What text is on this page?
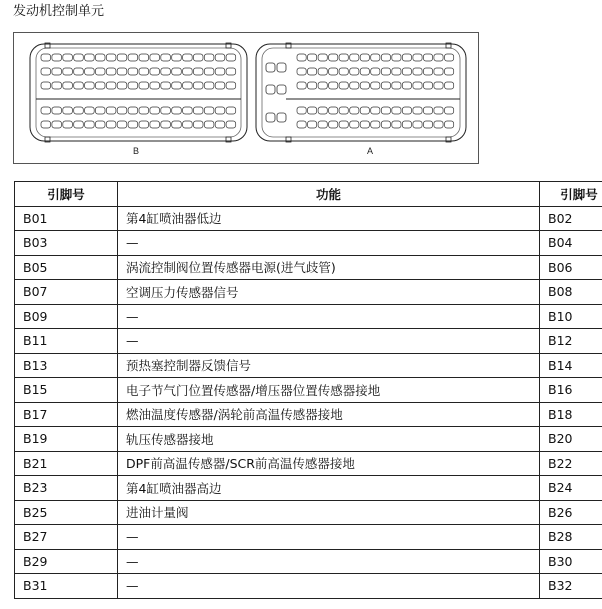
发动机控制单元
B	A
引脚号	功能	引脚号
B01	第4缸喷油器低边	B02
B03	—	B04
B05	涡流控制阀位置传感器电源(进气歧管)	B06
B07	空调压力传感器信号	B08
B09	—	B10
B11	—	B12
B13	预热塞控制器反馈信号	B14
B15	电子节气门位置传感器/增压器位置传感器接地	B16
B17	燃油温度传感器/涡轮前高温传感器接地	B18
B19	轨压传感器接地	B20
B21	DPF前高温传感器/SCR前高温传感器接地	B22
B23	第4缸喷油器高边	B24
B25	进油计量阀	B26
B27	—	B28
B29	—	B30
B31	—	B32
